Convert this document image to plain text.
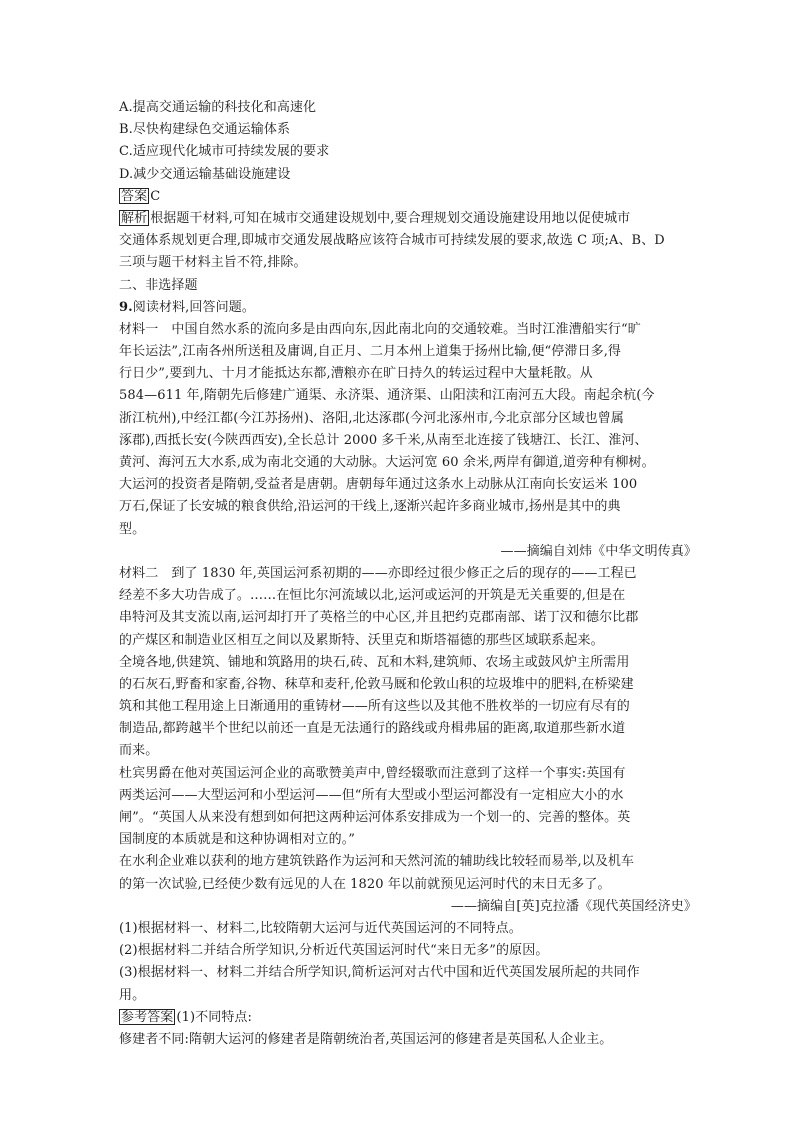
A.提高交通运输的科技化和高速化
B.尽快构建绿色交通运输体系
C.适应现代化城市可持续发展的要求
D.减少交通运输基础设施建设
答案 C
解析 根据题干材料,可知在城市交通建设规划中,要合理规划交通设施建设用地以促使城市
交通体系规划更合理,即城市交通发展战略应该符合城市可持续发展的要求,故选 C 项;A、B、D
三项与题干材料主旨不符,排除。
二、非选择题
9.阅读材料,回答问题。
材料一　中国自然水系的流向多是由西向东,因此南北向的交通较难。当时江淮漕船实行“旷
年长运法”,江南各州所送租及庸调,自正月、二月本州上道集于扬州比输,便“停滞日多,得
行日少”,要到九、十月才能抵达东都,漕粮亦在旷日持久的转运过程中大量耗散。从
584—611 年,隋朝先后修建广通渠、永济渠、通济渠、山阳渎和江南河五大段。南起余杭(今
浙江杭州),中经江都(今江苏扬州)、洛阳,北达涿郡(今河北涿州市,今北京部分区域也曾属
涿郡),西抵长安(今陕西西安),全长总计 2000 多千米,从南至北连接了钱塘江、长江、淮河、
黄河、海河五大水系,成为南北交通的大动脉。大运河宽 60 余米,两岸有御道,道旁种有柳树。
大运河的投资者是隋朝,受益者是唐朝。唐朝每年通过这条水上动脉从江南向长安运米 100
万石,保证了长安城的粮食供给,沿运河的干线上,逐渐兴起许多商业城市,扬州是其中的典
型。
——摘编自刘炜《中华文明传真》
材料二　到了 1830 年,英国运河系初期的——亦即经过很少修正之后的现存的——工程已
经差不多大功告成了。……在恒比尔河流域以北,运河或运河的开筑是无关重要的,但是在
串特河及其支流以南,运河却打开了英格兰的中心区,并且把约克郡南部、诺丁汉和德尔比郡
的产煤区和制造业区相互之间以及累斯特、沃里克和斯塔福德的那些区域联系起来。
全境各地,供建筑、铺地和筑路用的块石,砖、瓦和木料,建筑师、农场主或鼓风炉主所需用
的石灰石,野畜和家畜,谷物、秣草和麦秆,伦敦马厩和伦敦山积的垃圾堆中的肥料,在桥梁建
筑和其他工程用途上日渐通用的重铸材——所有这些以及其他不胜枚举的一切应有尽有的
制造品,都跨越半个世纪以前还一直是无法通行的路线或舟楫弗届的距离,取道那些新水道
而来。
杜宾男爵在他对英国运河企业的高歌赞美声中,曾经辍歌而注意到了这样一个事实:英国有
两类运河——大型运河和小型运河——但“所有大型或小型运河都没有一定相应大小的水
闸”。“英国人从来没有想到如何把这两种运河体系安排成为一个划一的、完善的整体。英
国制度的本质就是和这种协调相对立的。”
在水利企业难以获利的地方建筑铁路作为运河和天然河流的辅助线比较轻而易举,以及机车
的第一次试验,已经使少数有远见的人在 1820 年以前就预见运河时代的末日无多了。
——摘编自[英]克拉潘《现代英国经济史》
(1)根据材料一、材料二,比较隋朝大运河与近代英国运河的不同特点。
(2)根据材料二并结合所学知识,分析近代英国运河时代“来日无多”的原因。
(3)根据材料一、材料二并结合所学知识,简析运河对古代中国和近代英国发展所起的共同作
用。
参考答案 (1)不同特点:
修建者不同:隋朝大运河的修建者是隋朝统治者,英国运河的修建者是英国私人企业主。
